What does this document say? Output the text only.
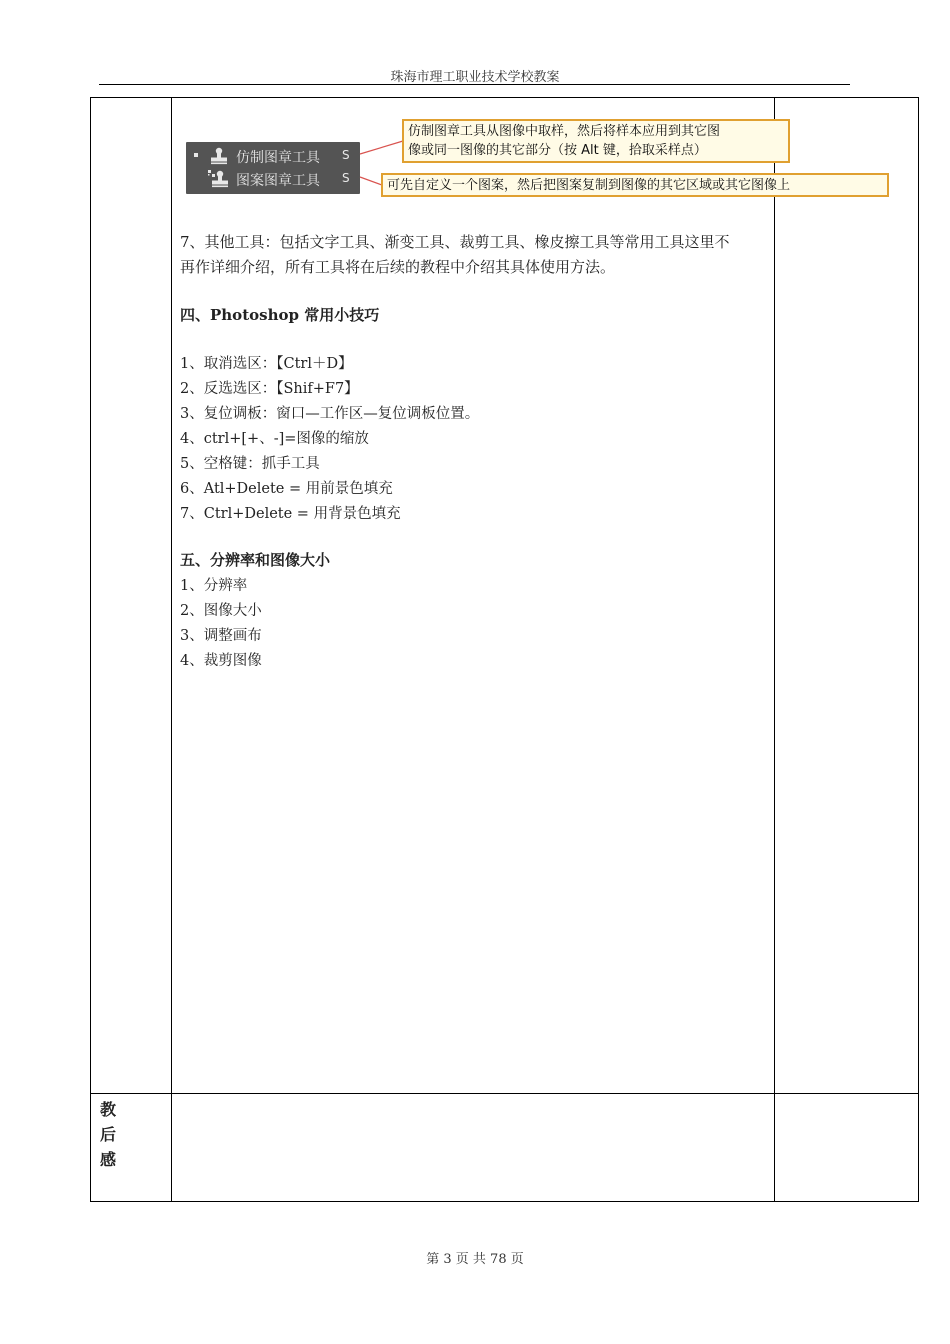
珠海市理工职业技术学校教案
仿制图章工具 S
图案图章工具 S
仿制图章工具从图像中取样，然后将样本应用到其它图
像或同一图像的其它部分（按 Alt 键，拾取采样点）
可先自定义一个图案，然后把图案复制到图像的其它区域或其它图像上
7、其他工具：包括文字工具、渐变工具、裁剪工具、橡皮擦工具等常用工具这里不
再作详细介绍，所有工具将在后续的教程中介绍其具体使用方法。
四、Photoshop 常用小技巧
1、取消选区：【Ctrl＋D】
2、反选选区：【Shif+F7】
3、复位调板：窗口—工作区—复位调板位置。
4、ctrl+[+、-]=图像的缩放
5、空格键：抓手工具
6、Atl+Delete = 用前景色填充
7、Ctrl+Delete = 用背景色填充
五、分辨率和图像大小
1、分辨率
2、图像大小
3、调整画布
4、裁剪图像
教
后
感
第 3 页 共 78 页
